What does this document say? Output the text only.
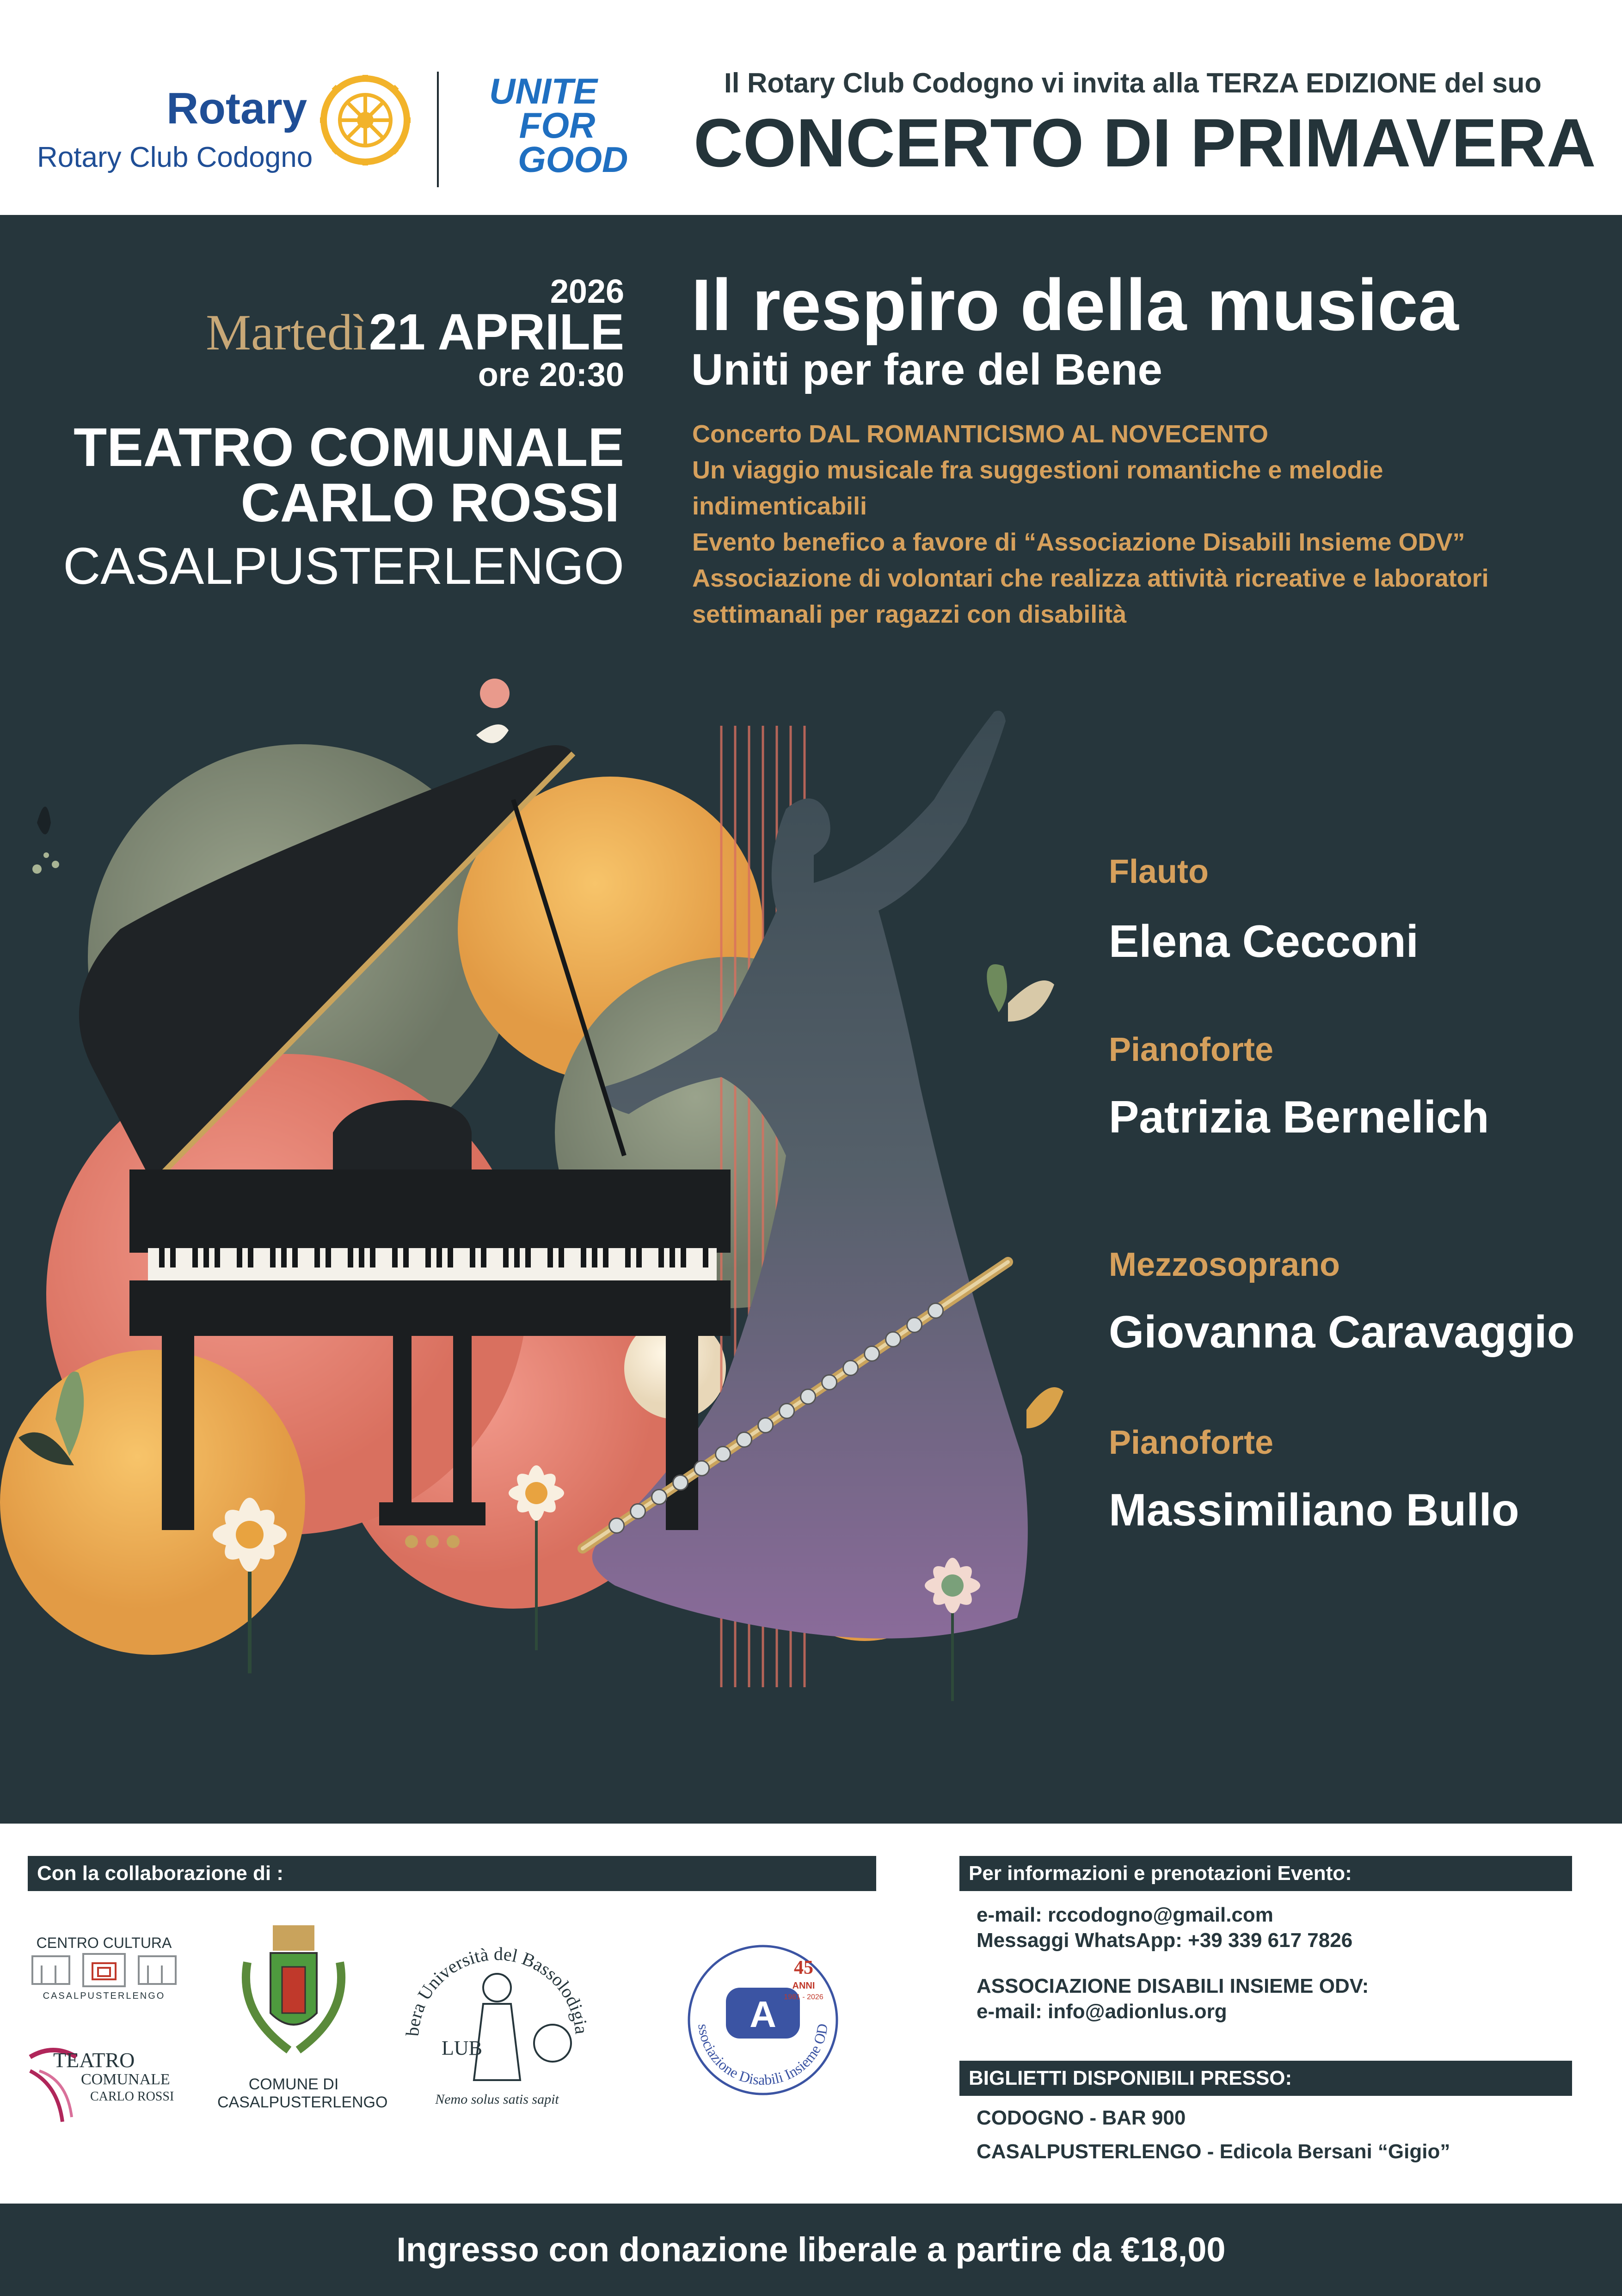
Rotary
Rotary Club Codogno
UNITE
FOR
GOOD
Il Rotary Club Codogno vi invita alla TERZA EDIZIONE del suo
CONCERTO DI PRIMAVERA
2026
Martedì 21 APRILE
ore 20:30
TEATRO COMUNALE
CARLO ROSSI
CASALPUSTERLENGO
Il respiro della musica
Uniti per fare del Bene
Concerto DAL ROMANTICISMO AL NOVECENTO
Un viaggio musicale fra suggestioni romantiche e melodie indimenticabili
Evento benefico a favore di “Associazione Disabili Insieme ODV”
Associazione di volontari che realizza attività ricreative e laboratori settimanali per ragazzi con disabilità
Flauto
Elena Cecconi
Pianoforte
Patrizia Bernelich
Mezzosoprano
Giovanna Caravaggio
Pianoforte
Massimiliano Bullo
Con la collaborazione di :	Per informazioni e prenotazioni Evento:
CENTRO CULTURA
CASALPUSTERLENGO
TEATRO
COMUNALE
CARLO ROSSI
COMUNE DI
CASALPUSTERLENGO
bera Università del Bassolodigia
LUB
Nemo solus satis sapit
ssociazione Disabili Insieme OD
A
45
ANNI
1981 - 2026
e-mail: rccodogno@gmail.com
Messaggi WhatsApp: +39 339 617 7826
ASSOCIAZIONE DISABILI INSIEME ODV:
e-mail: info@adionlus.org
BIGLIETTI DISPONIBILI PRESSO:
CODOGNO - BAR 900
CASALPUSTERLENGO - Edicola Bersani “Gigio”
Ingresso con donazione liberale a partire da €18,00
